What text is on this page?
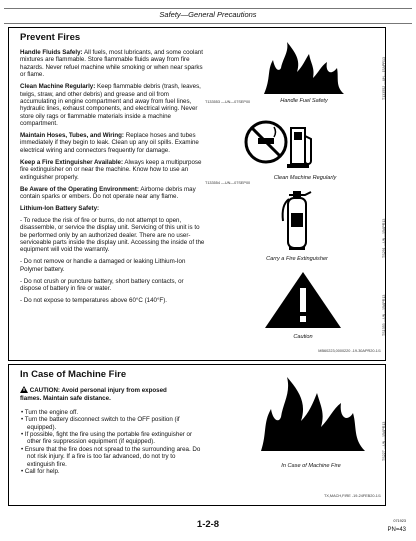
Safety—General Precautions
Prevent Fires
Handle Fluids Safely: All fuels, most lubricants, and some coolant mixtures are flammable. Store flammable fluids away from fire hazards. Never refuel machine while smoking or when near sparks or flame.
Clean Machine Regularly: Keep flammable debris (trash, leaves, twigs, straw, and other debris) and grease and oil from accumulating in engine compartment and away from fuel lines, hydraulic lines, exhaust components, and electrical wiring. Never store oily rags or flammable materials inside a machine compartment.
Maintain Hoses, Tubes, and Wiring: Replace hoses and tubes immediately if they begin to leak. Clean up any oil spills. Examine electrical wiring and connectors frequently for damage.
Keep a Fire Extinguisher Available: Always keep a multipurpose fire extinguisher on or near the machine. Know how to use an extinguisher properly.
Be Aware of the Operating Environment: Airborne debris may contain sparks or embers. Do not operate near any flame.
Lithium-Ion Battery Safety:
- To reduce the risk of fire or burns, do not attempt to open, disassemble, or service the display unit. Servicing of this unit is to be performed only by an authorized dealer. There are no user-serviceable parts inside the display unit. Accessing the inside of the equipment will void the warranty.
- Do not remove or handle a damaged or leaking Lithium-Ion Polymer battery.
- Do not crush or puncture battery, short battery contacts, or dispose of battery in fire or water.
- Do not expose to temperatures above 60°C (140°F).
Handle Fuel Safety
T133552 —UN—15APR13
T133553 —UN—07SEP00
Clean Machine Regularly
T133554 —UN—07SEP00
Carry a Fire Extinguisher
TS291 —UN—15APR13
Caution
TS1353 —UN—15APR13
MB60223,0000220 -19-30APR20-1/1
In Case of Machine Fire
CAUTION: Avoid personal injury from exposed
flames. Maintain safe distance.
• Turn the engine off.
• Turn the battery disconnect switch to the OFF position (if equipped).
• If possible, fight the fire using the portable fire extinguisher or other fire suppression equipment (if equipped).
• Ensure that the fire does not spread to the surrounding area. Do not risk injury. If a fire is too far advanced, do not try to extinguish fire.
• Call for help.
In Case of Machine Fire
TS227 —UN—15APR13
TX,MACH,FIRE -19-24FEB20-1/1
1-2-8	071923
PN=43
